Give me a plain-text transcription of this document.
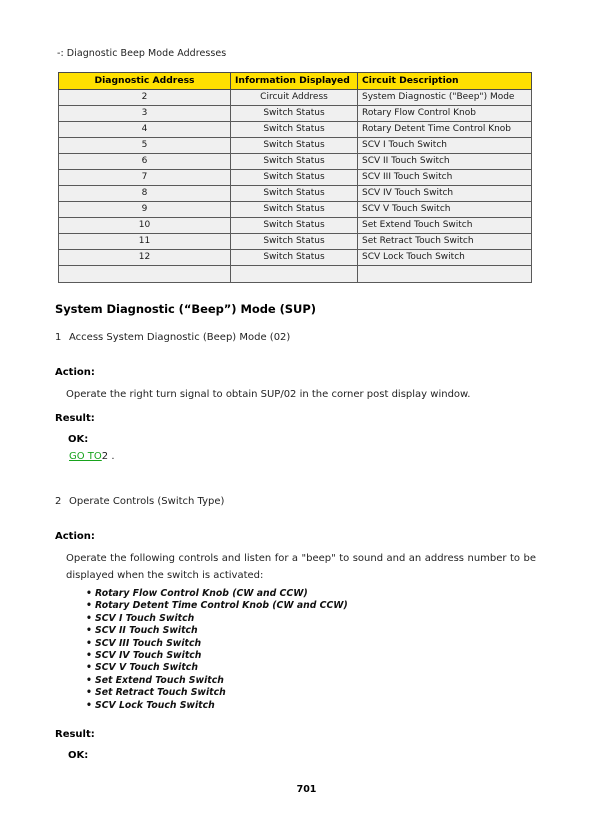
-: Diagnostic Beep Mode Addresses
Diagnostic Address	Information Displayed	Circuit Description
2	Circuit Address	System Diagnostic ("Beep") Mode
3	Switch Status	Rotary Flow Control Knob
4	Switch Status	Rotary Detent Time Control Knob
5	Switch Status	SCV I Touch Switch
6	Switch Status	SCV II Touch Switch
7	Switch Status	SCV III Touch Switch
8	Switch Status	SCV IV Touch Switch
9	Switch Status	SCV V Touch Switch
10	Switch Status	Set Extend Touch Switch
11	Switch Status	Set Retract Touch Switch
12	Switch Status	SCV Lock Touch Switch

System Diagnostic (“Beep”) Mode (SUP)
1 Access System Diagnostic (Beep) Mode (02)
Action:
Operate the right turn signal to obtain SUP/02 in the corner post display window.
Result:
OK:
GO TO2 .
2 Operate Controls (Switch Type)
Action:
Operate the following controls and listen for a "beep" to sound and an address number to be displayed when the switch is activated:
• Rotary Flow Control Knob (CW and CCW)
• Rotary Detent Time Control Knob (CW and CCW)
• SCV I Touch Switch
• SCV II Touch Switch
• SCV III Touch Switch
• SCV IV Touch Switch
• SCV V Touch Switch
• Set Extend Touch Switch
• Set Retract Touch Switch
• SCV Lock Touch Switch
Result:
OK:
701
